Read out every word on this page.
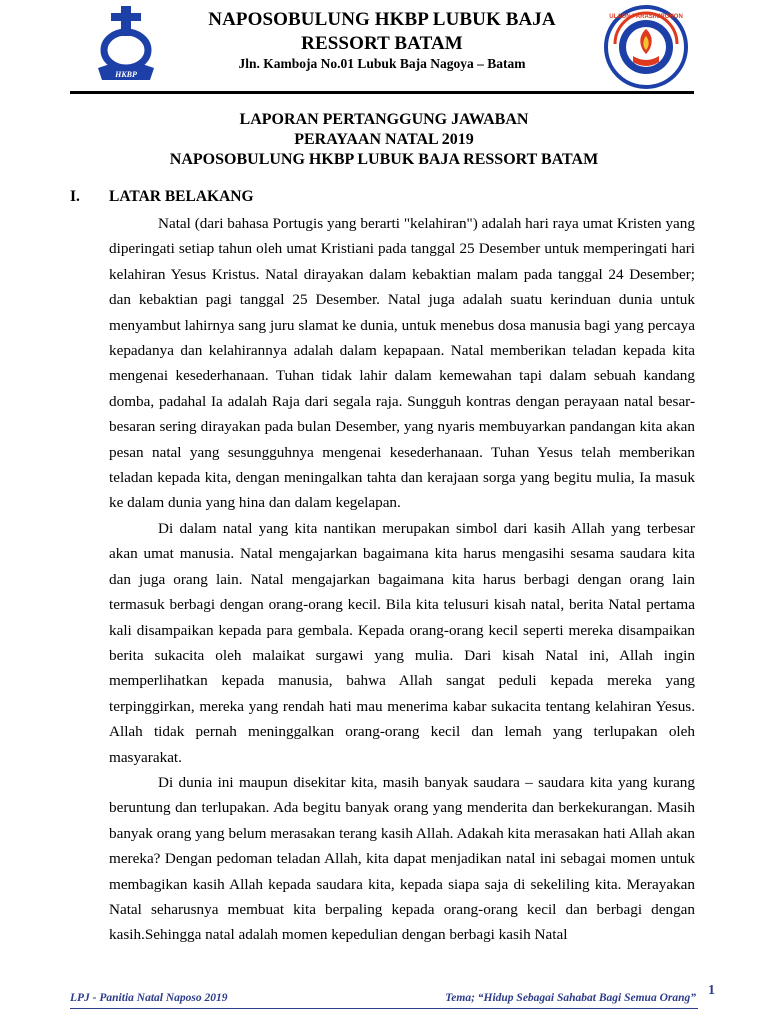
HKBP
NAPOSOBULUNG HKBP LUBUK BAJA
RESSORT BATAM
Jln. Kamboja No.01 Lubuk Baja Nagoya – Batam
ULAON PARASINIROHON
LAPORAN PERTANGGUNG JAWABAN
PERAYAAN NATAL 2019
NAPOSOBULUNG HKBP LUBUK BAJA RESSORT BATAM
I. LATAR BELAKANG

Natal (dari bahasa Portugis yang berarti "kelahiran") adalah hari raya umat Kristen yang diperingati setiap tahun oleh umat Kristiani pada tanggal 25 Desember untuk memperingati hari kelahiran Yesus Kristus. Natal dirayakan dalam kebaktian malam pada tanggal 24 Desember; dan kebaktian pagi tanggal 25 Desember. Natal juga adalah suatu kerinduan dunia untuk menyambut lahirnya sang juru slamat ke dunia, untuk menebus dosa manusia bagi yang percaya kepadanya dan kelahirannya adalah dalam kepapaan. Natal memberikan teladan kepada kita mengenai kesederhanaan. Tuhan tidak lahir dalam kemewahan tapi dalam sebuah kandang domba, padahal Ia adalah Raja dari segala raja. Sungguh kontras dengan perayaan natal besar-besaran sering dirayakan pada bulan Desember, yang nyaris membuyarkan pandangan kita akan pesan natal yang sesungguhnya mengenai kesederhanaan. Tuhan Yesus telah memberikan teladan kepada kita, dengan meningalkan tahta dan kerajaan sorga yang begitu mulia, Ia masuk ke dalam dunia yang hina dan dalam kegelapan.

Di dalam natal yang kita nantikan merupakan simbol dari kasih Allah yang terbesar akan umat manusia. Natal mengajarkan bagaimana kita harus mengasihi sesama saudara kita dan juga orang lain. Natal mengajarkan bagaimana kita harus berbagi dengan orang lain termasuk berbagi dengan orang-orang kecil. Bila kita telusuri kisah natal, berita Natal pertama kali disampaikan kepada para gembala. Kepada orang-orang kecil seperti mereka disampaikan berita sukacita oleh malaikat surgawi yang mulia. Dari kisah Natal ini, Allah ingin memperlihatkan kepada manusia, bahwa Allah sangat peduli kepada mereka yang terpinggirkan, mereka yang rendah hati mau menerima kabar sukacita tentang kelahiran Yesus. Allah tidak pernah meninggalkan orang-orang kecil dan lemah yang terlupakan oleh masyarakat.

Di dunia ini maupun disekitar kita, masih banyak saudara – saudara kita yang kurang beruntung dan terlupakan. Ada begitu banyak orang yang menderita dan berkekurangan. Masih banyak orang yang belum merasakan terang kasih Allah. Adakah kita merasakan hati Allah akan mereka? Dengan pedoman teladan Allah, kita dapat menjadikan natal ini sebagai momen untuk membagikan kasih Allah kepada saudara kita, kepada siapa saja di sekeliling kita. Merayakan Natal seharusnya membuat kita berpaling kepada orang-orang kecil dan berbagi dengan kasih.Sehingga natal adalah momen kepedulian dengan berbagi kasih Natal

LPJ - Panitia Natal Naposo 2019	Tema; “Hidup Sebagai Sahabat Bagi Semua Orang” 1
